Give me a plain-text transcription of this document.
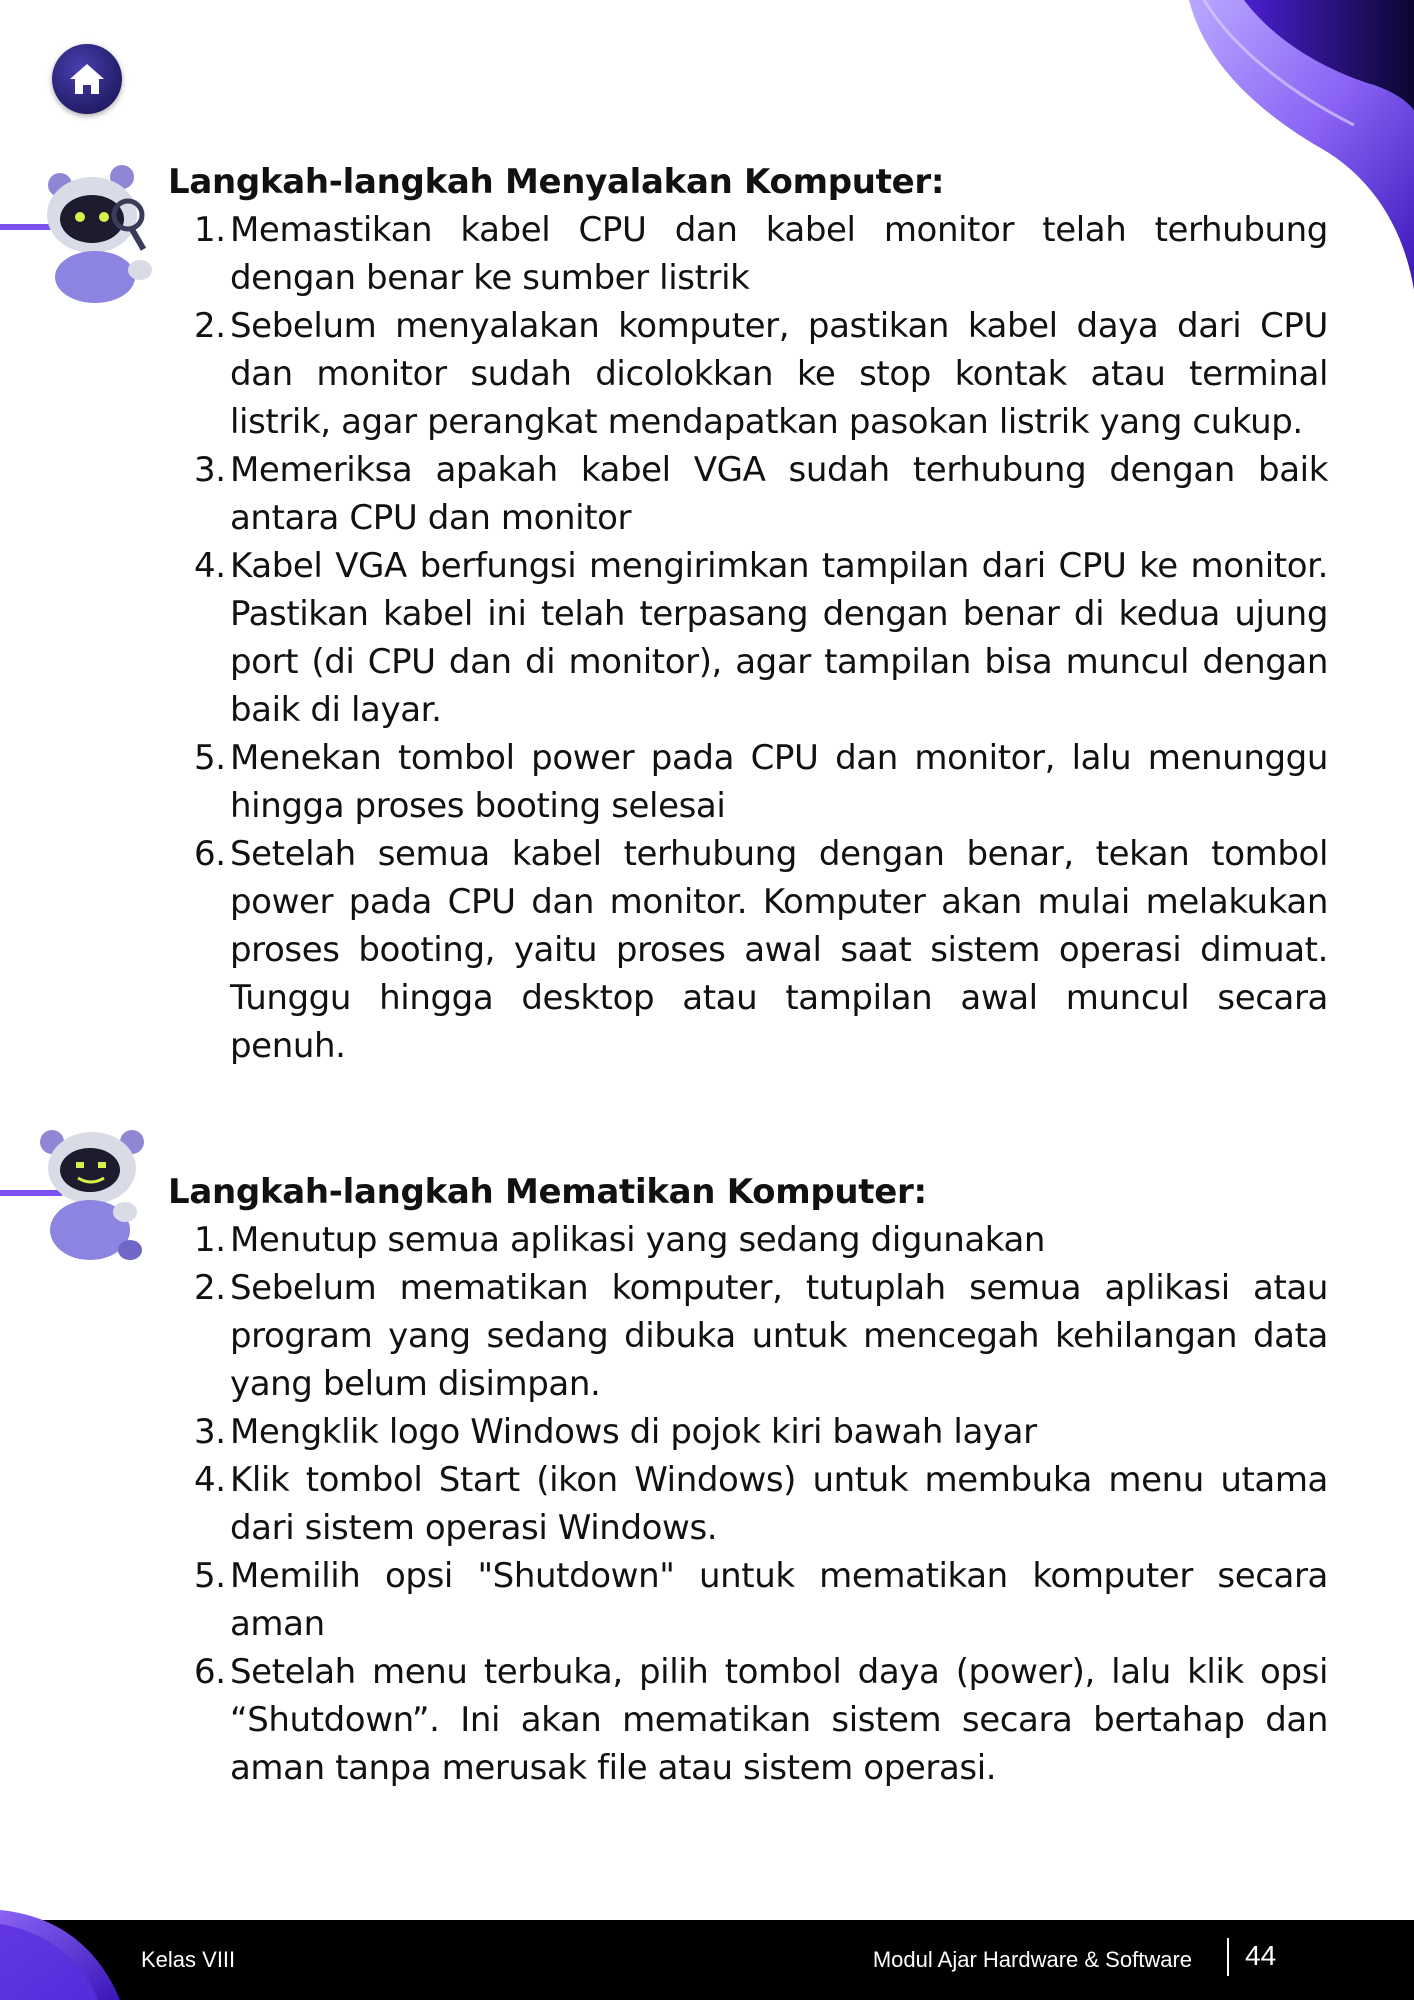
Langkah-langkah Menyalakan Komputer:
1. Memastikan kabel CPU dan kabel monitor telah terhubung dengan benar ke sumber listrik
2. Sebelum menyalakan komputer, pastikan kabel daya dari CPU dan monitor sudah dicolokkan ke stop kontak atau terminal listrik, agar perangkat mendapatkan pasokan listrik yang cukup.
3. Memeriksa apakah kabel VGA sudah terhubung dengan baik antara CPU dan monitor
4. Kabel VGA berfungsi mengirimkan tampilan dari CPU ke monitor. Pastikan kabel ini telah terpasang dengan benar di kedua ujung port (di CPU dan di monitor), agar tampilan bisa muncul dengan baik di layar.
5. Menekan tombol power pada CPU dan monitor, lalu menunggu hingga proses booting selesai
6. Setelah semua kabel terhubung dengan benar, tekan tombol power pada CPU dan monitor. Komputer akan mulai melakukan proses booting, yaitu proses awal saat sistem operasi dimuat. Tunggu hingga desktop atau tampilan awal muncul secara penuh.
Langkah-langkah Mematikan Komputer:
1. Menutup semua aplikasi yang sedang digunakan
2. Sebelum mematikan komputer, tutuplah semua aplikasi atau program yang sedang dibuka untuk mencegah kehilangan data yang belum disimpan.
3. Mengklik logo Windows di pojok kiri bawah layar
4. Klik tombol Start (ikon Windows) untuk membuka menu utama dari sistem operasi Windows.
5. Memilih opsi "Shutdown" untuk mematikan komputer secara aman
6. Setelah menu terbuka, pilih tombol daya (power), lalu klik opsi “Shutdown”. Ini akan mematikan sistem secara bertahap dan aman tanpa merusak file atau sistem operasi.
Kelas VIII	Modul Ajar Hardware & Software 44
